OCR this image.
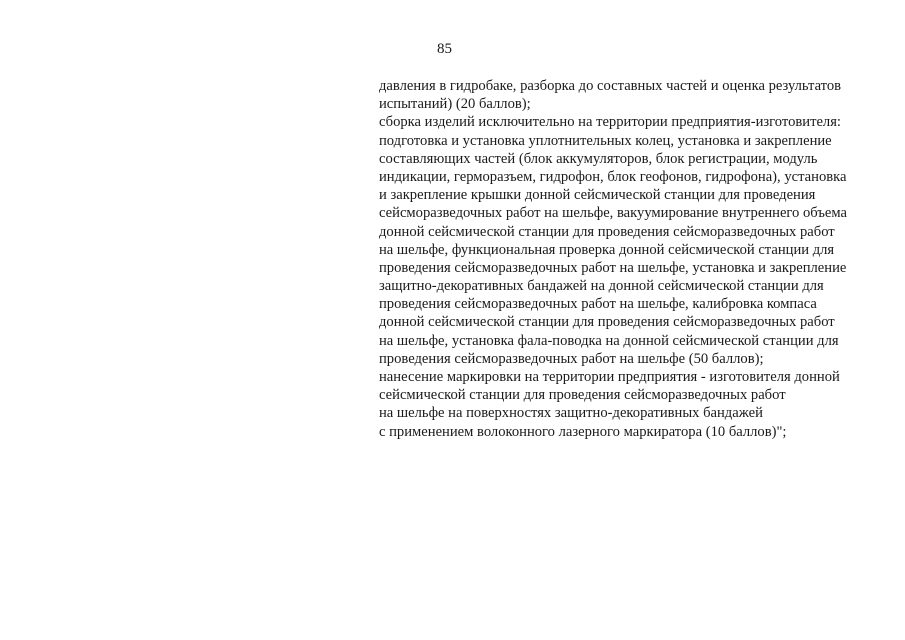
85
давления в гидробаке, разборка до составных частей и оценка результатов
испытаний) (20 баллов);
сборка изделий исключительно на территории предприятия-изготовителя:
подготовка и установка уплотнительных колец, установка и закрепление
составляющих частей (блок аккумуляторов, блок регистрации, модуль
индикации, гермоpазъем, гидрофон, блок геофонов, гидрофона), установка
и закрепление крышки донной сейсмической станции для проведения
сейсморазведочных работ на шельфе, вакуумирование внутреннего объема
донной сейсмической станции для проведения сейсморазведочных работ
на шельфе, функциональная проверка донной сейсмической станции для
проведения сейсморазведочных работ на шельфе, установка и закрепление
защитно-декоративных бандажей на донной сейсмической станции для
проведения сейсморазведочных работ на шельфе, калибровка компаса
донной сейсмической станции для проведения сейсморазведочных работ
на шельфе, установка фала-поводка на донной сейсмической станции для
проведения сейсморазведочных работ на шельфе (50 баллов);
нанесение маркировки на территории предприятия - изготовителя донной
сейсмической станции для проведения сейсморазведочных работ
на шельфе на поверхностях защитно-декоративных бандажей
с применением волоконного лазерного маркиратора (10 баллов)";
